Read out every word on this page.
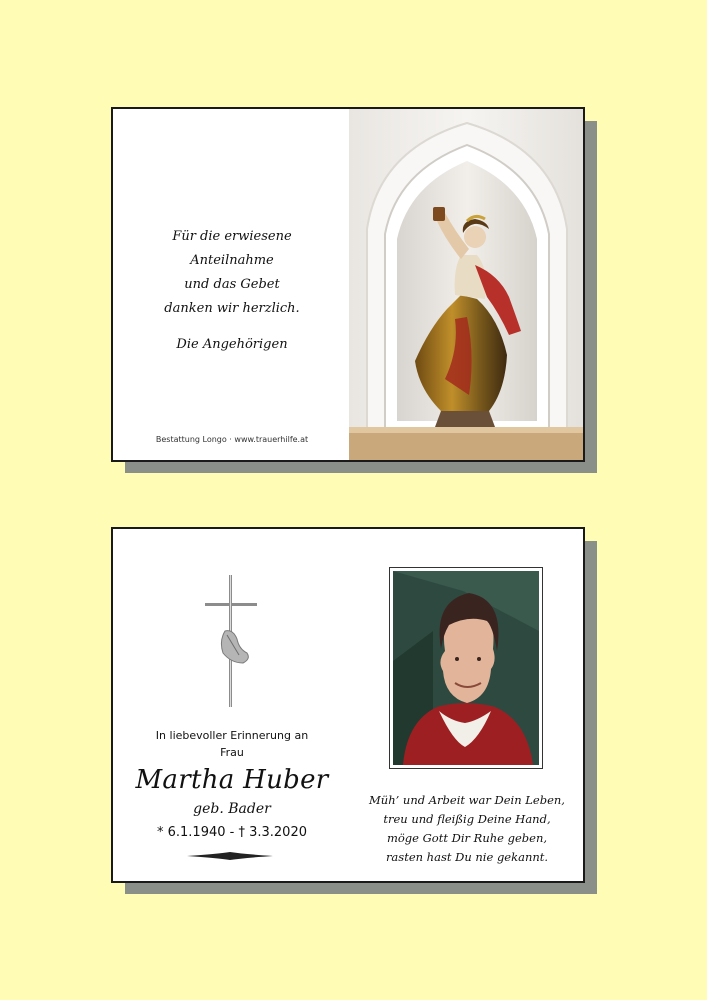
Für die erwiesene
Anteilnahme
und das Gebet
danken wir herzlich.
Die Angehörigen
Bestattung Longo · www.trauerhilfe.at
In liebevoller Erinnerung an
Frau
Martha Huber
geb. Bader
* 6.1.1940 - † 3.3.2020
Müh’ und Arbeit war Dein Leben,
treu und fleißig Deine Hand,
möge Gott Dir Ruhe geben,
rasten hast Du nie gekannt.
